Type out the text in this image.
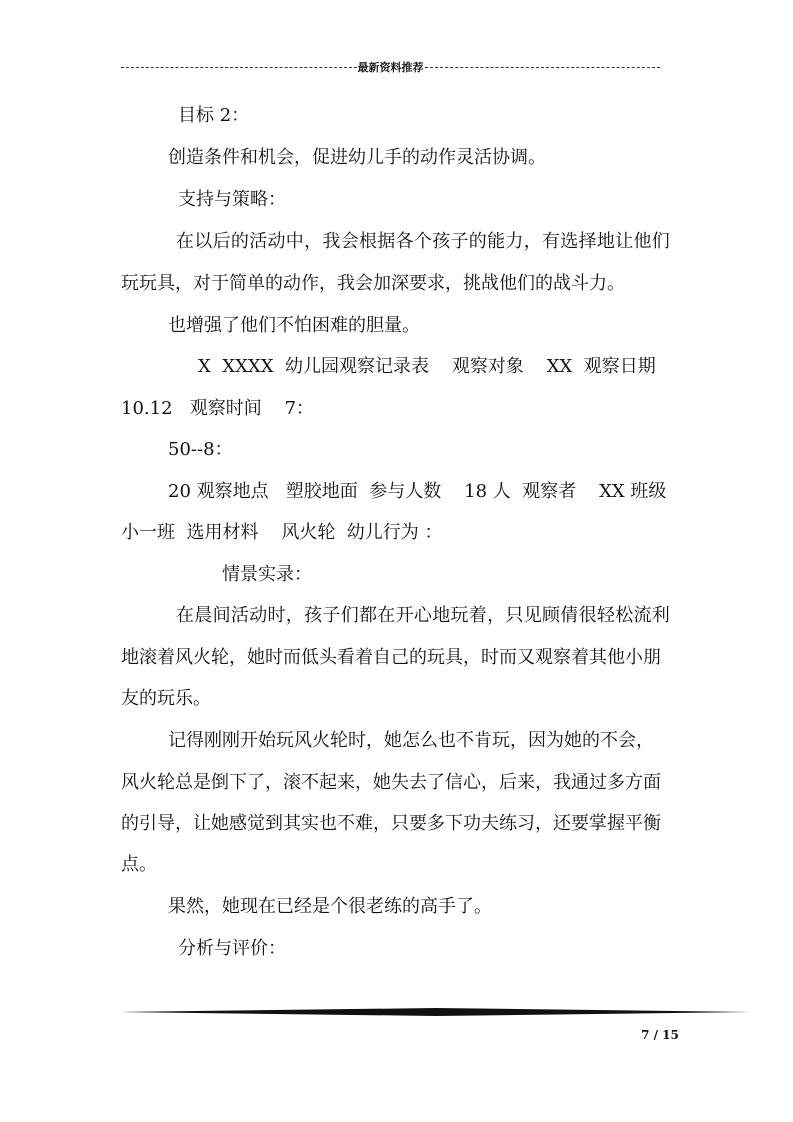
最新资料推荐
目标 2：
创造条件和机会，促进幼儿手的动作灵活协调。
支持与策略：
在以后的活动中，我会根据各个孩子的能力，有选择地让他们
玩玩具，对于简单的动作，我会加深要求，挑战他们的战斗力。
也增强了他们不怕困难的胆量。
X  XXXX  幼儿园观察记录表    观察对象    XX  观察日期
10.12   观察时间    7：
50--8：
20 观察地点   塑胶地面  参与人数    18 人  观察者    XX 班级
小一班  选用材料    风火轮  幼儿行为 ：
情景实录：
在晨间活动时，孩子们都在开心地玩着，只见顾倩很轻松流利
地滚着风火轮，她时而低头看着自己的玩具，时而又观察着其他小朋
友的玩乐。
记得刚刚开始玩风火轮时，她怎么也不肯玩，因为她的不会，
风火轮总是倒下了，滚不起来，她失去了信心，后来，我通过多方面
的引导，让她感觉到其实也不难，只要多下功夫练习，还要掌握平衡
点。
果然，她现在已经是个很老练的高手了。
分析与评价：
7 / 15
